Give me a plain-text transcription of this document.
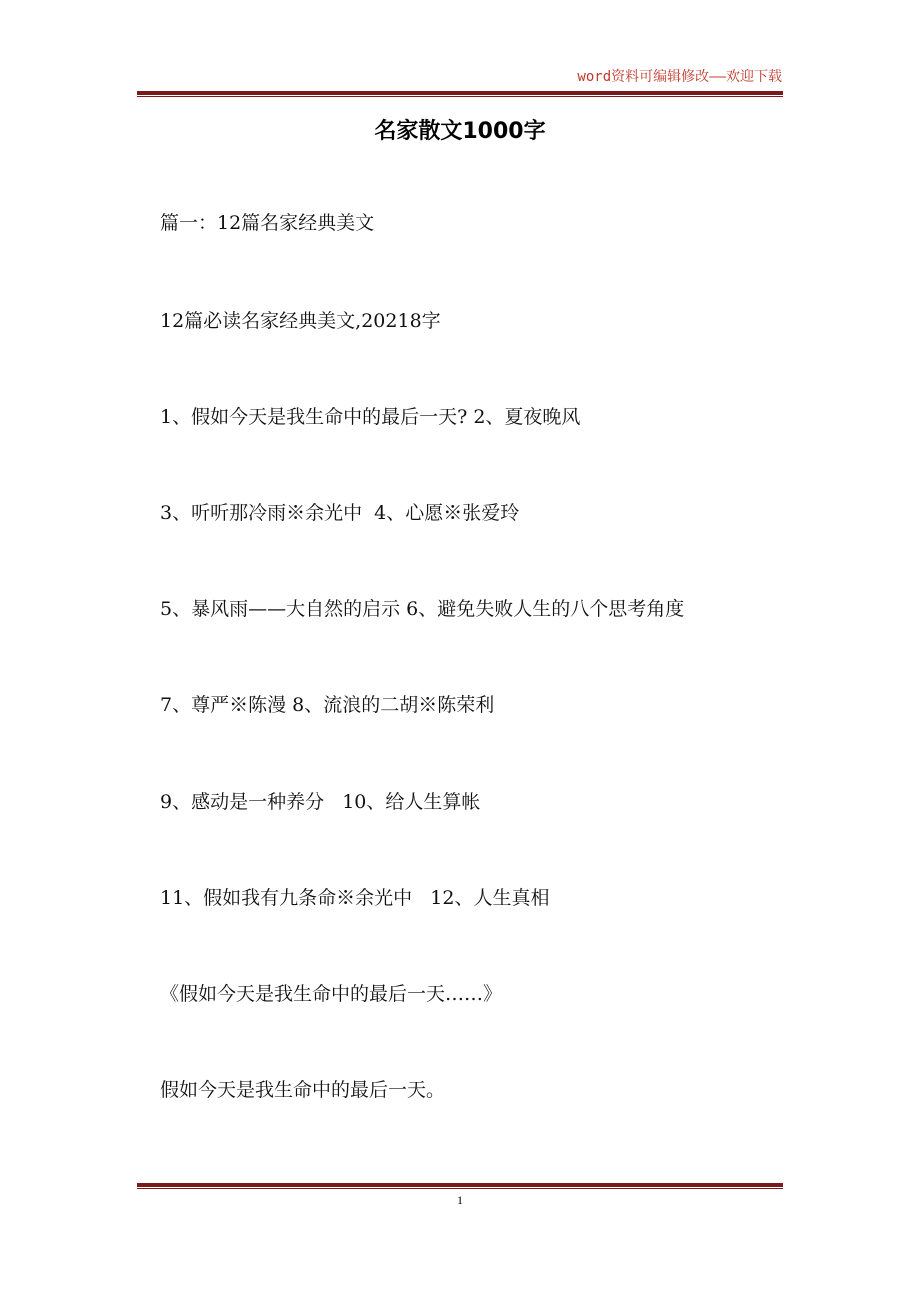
word资料可编辑修改——欢迎下载
名家散文1000字
篇一：12篇名家经典美文
12篇必读名家经典美文,20218字
1、假如今天是我生命中的最后一天? 2、夏夜晚风
3、听听那冷雨※余光中  4、心愿※张爱玲
5、暴风雨——大自然的启示 6、避免失败人生的八个思考角度
7、尊严※陈漫 8、流浪的二胡※陈荣利
9、感动是一种养分   10、给人生算帐
11、假如我有九条命※余光中   12、人生真相
《假如今天是我生命中的最后一天……》
假如今天是我生命中的最后一天。
1
